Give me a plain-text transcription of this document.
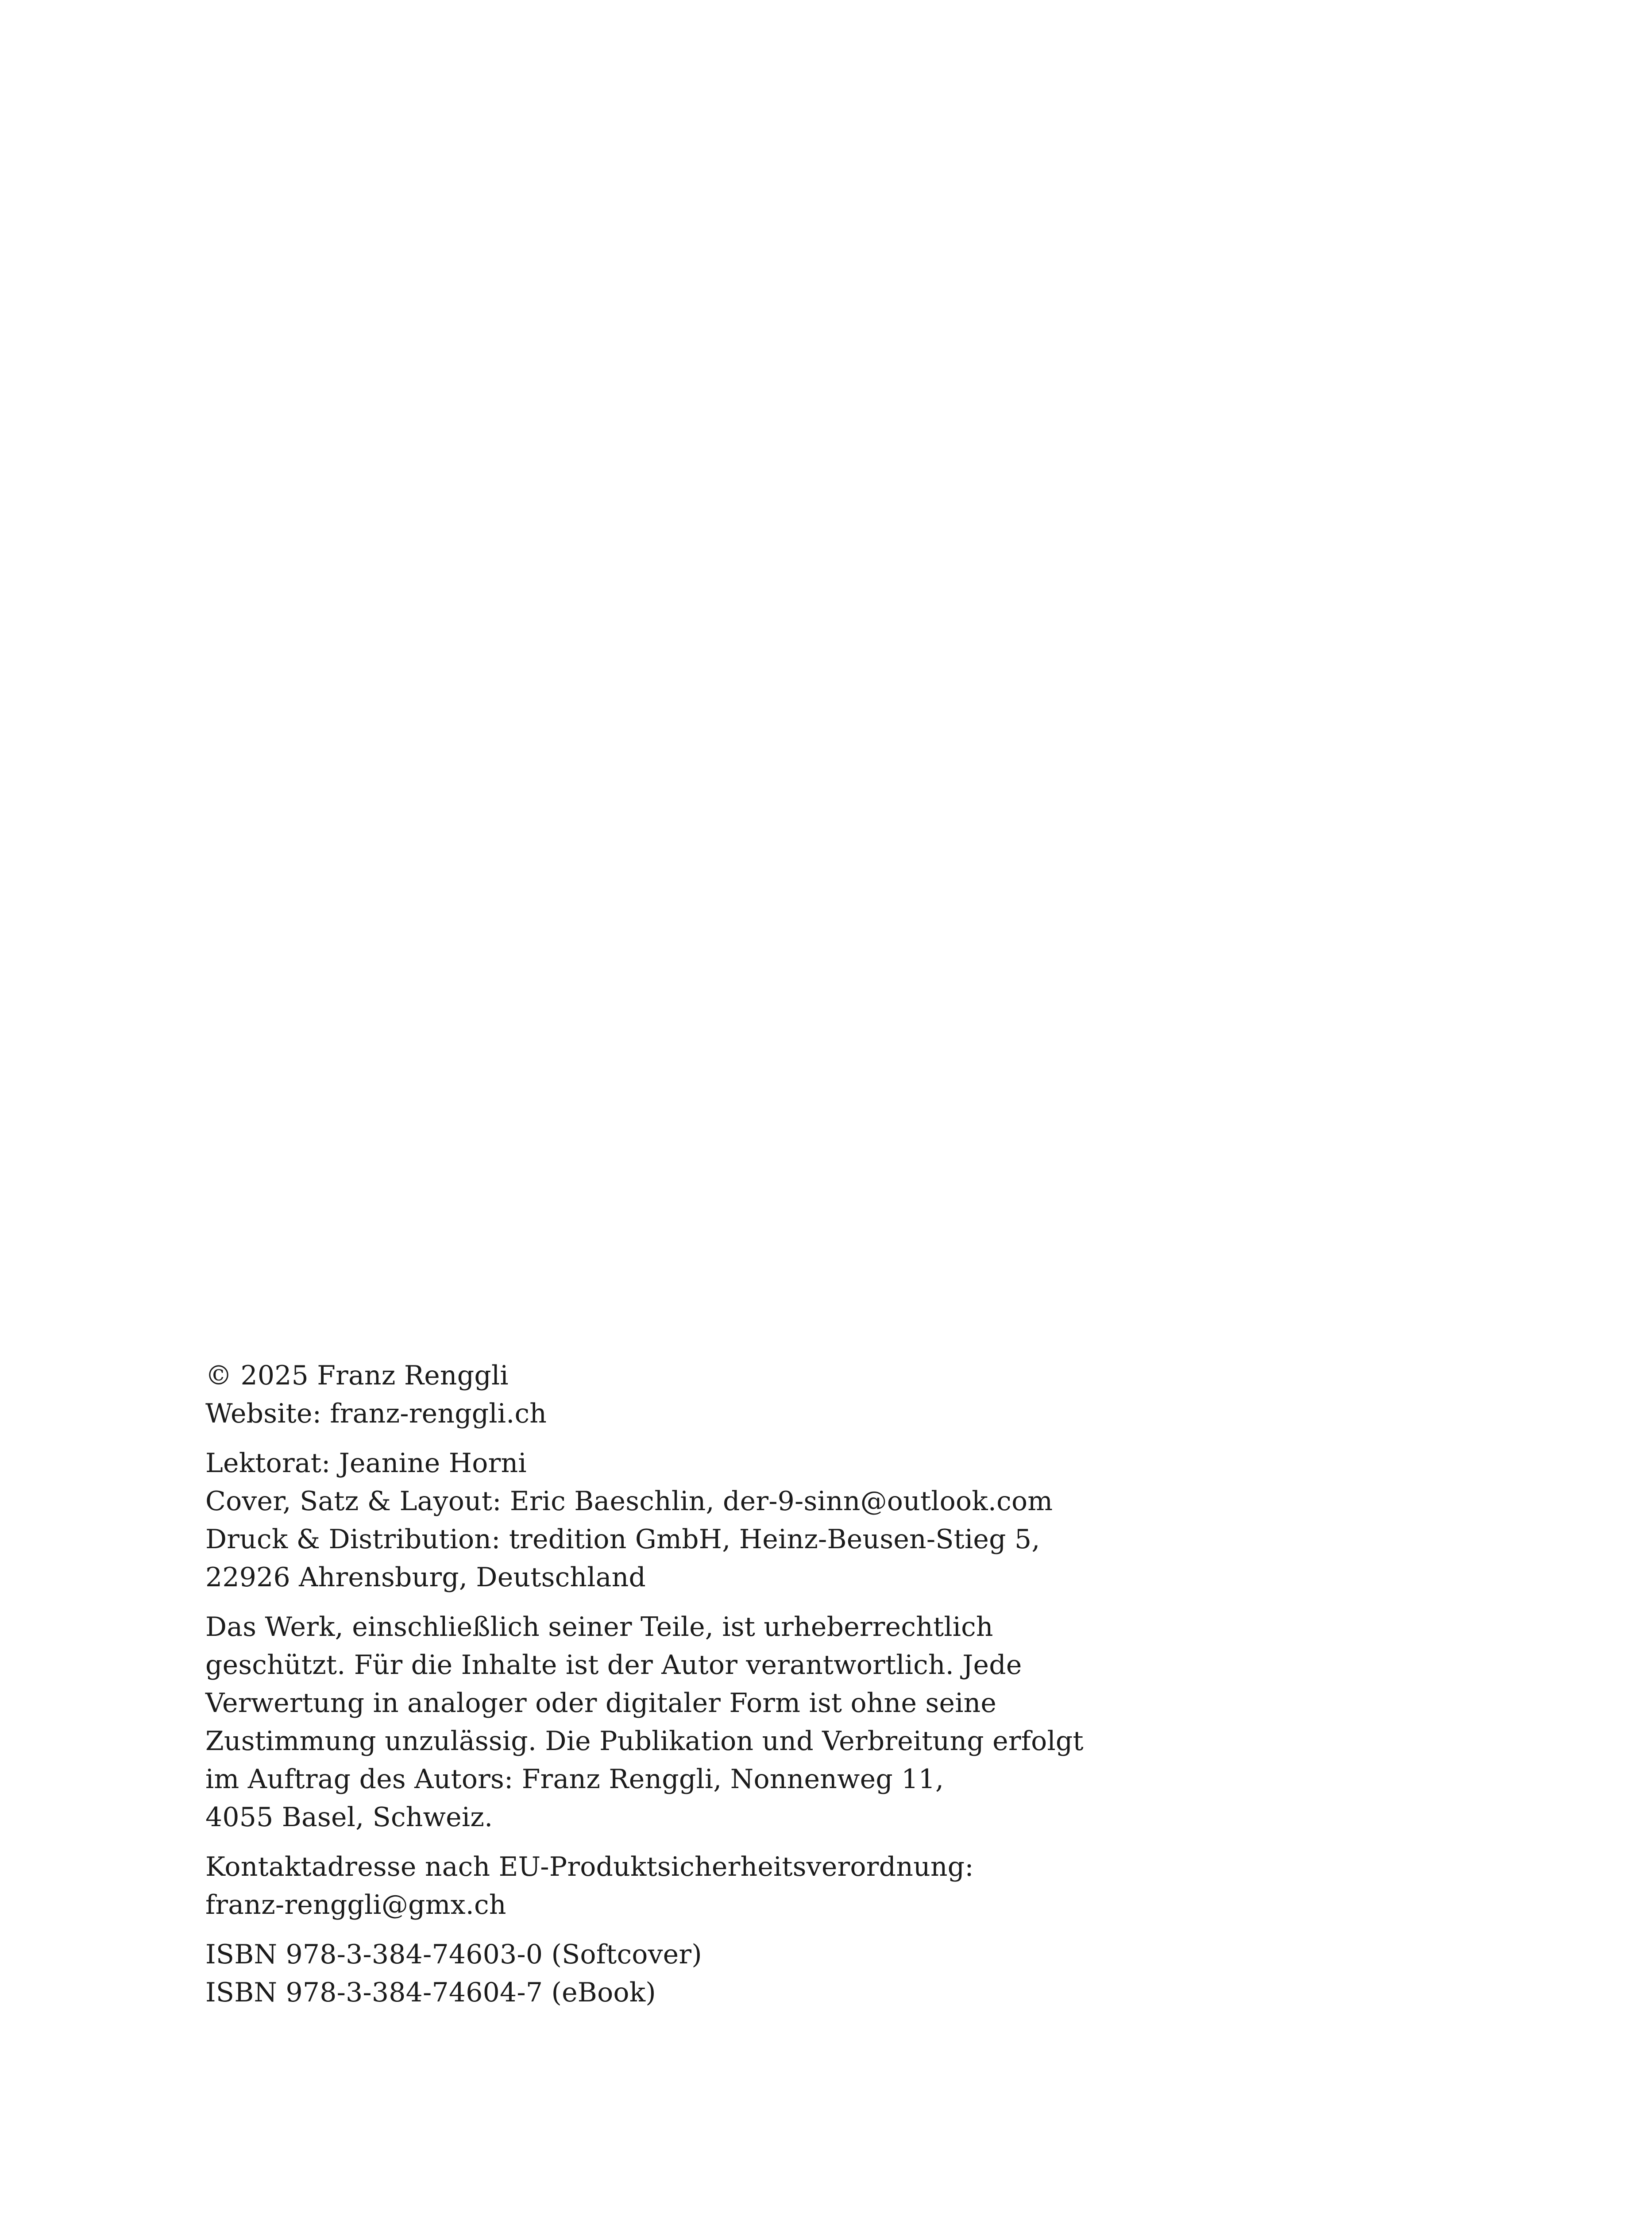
© 2025 Franz Renggli
Website: franz-renggli.ch
Lektorat: Jeanine Horni
Cover, Satz & Layout: Eric Baeschlin, der-9-sinn@outlook.com
Druck & Distribution: tredition GmbH, Heinz-Beusen-Stieg 5,
22926 Ahrensburg, Deutschland
Das Werk, einschließlich seiner Teile, ist urheberrechtlich
geschützt. Für die Inhalte ist der Autor verantwortlich. Jede
Verwertung in analoger oder digitaler Form ist ohne seine
Zustimmung unzulässig. Die Publikation und Verbreitung erfolgt
im Auftrag des Autors: Franz Renggli, Nonnenweg 11,
4055 Basel, Schweiz.
Kontaktadresse nach EU-Produktsicherheitsverordnung:
franz-renggli@gmx.ch
ISBN 978-3-384-74603-0 (Softcover)
ISBN 978-3-384-74604-7 (eBook)
